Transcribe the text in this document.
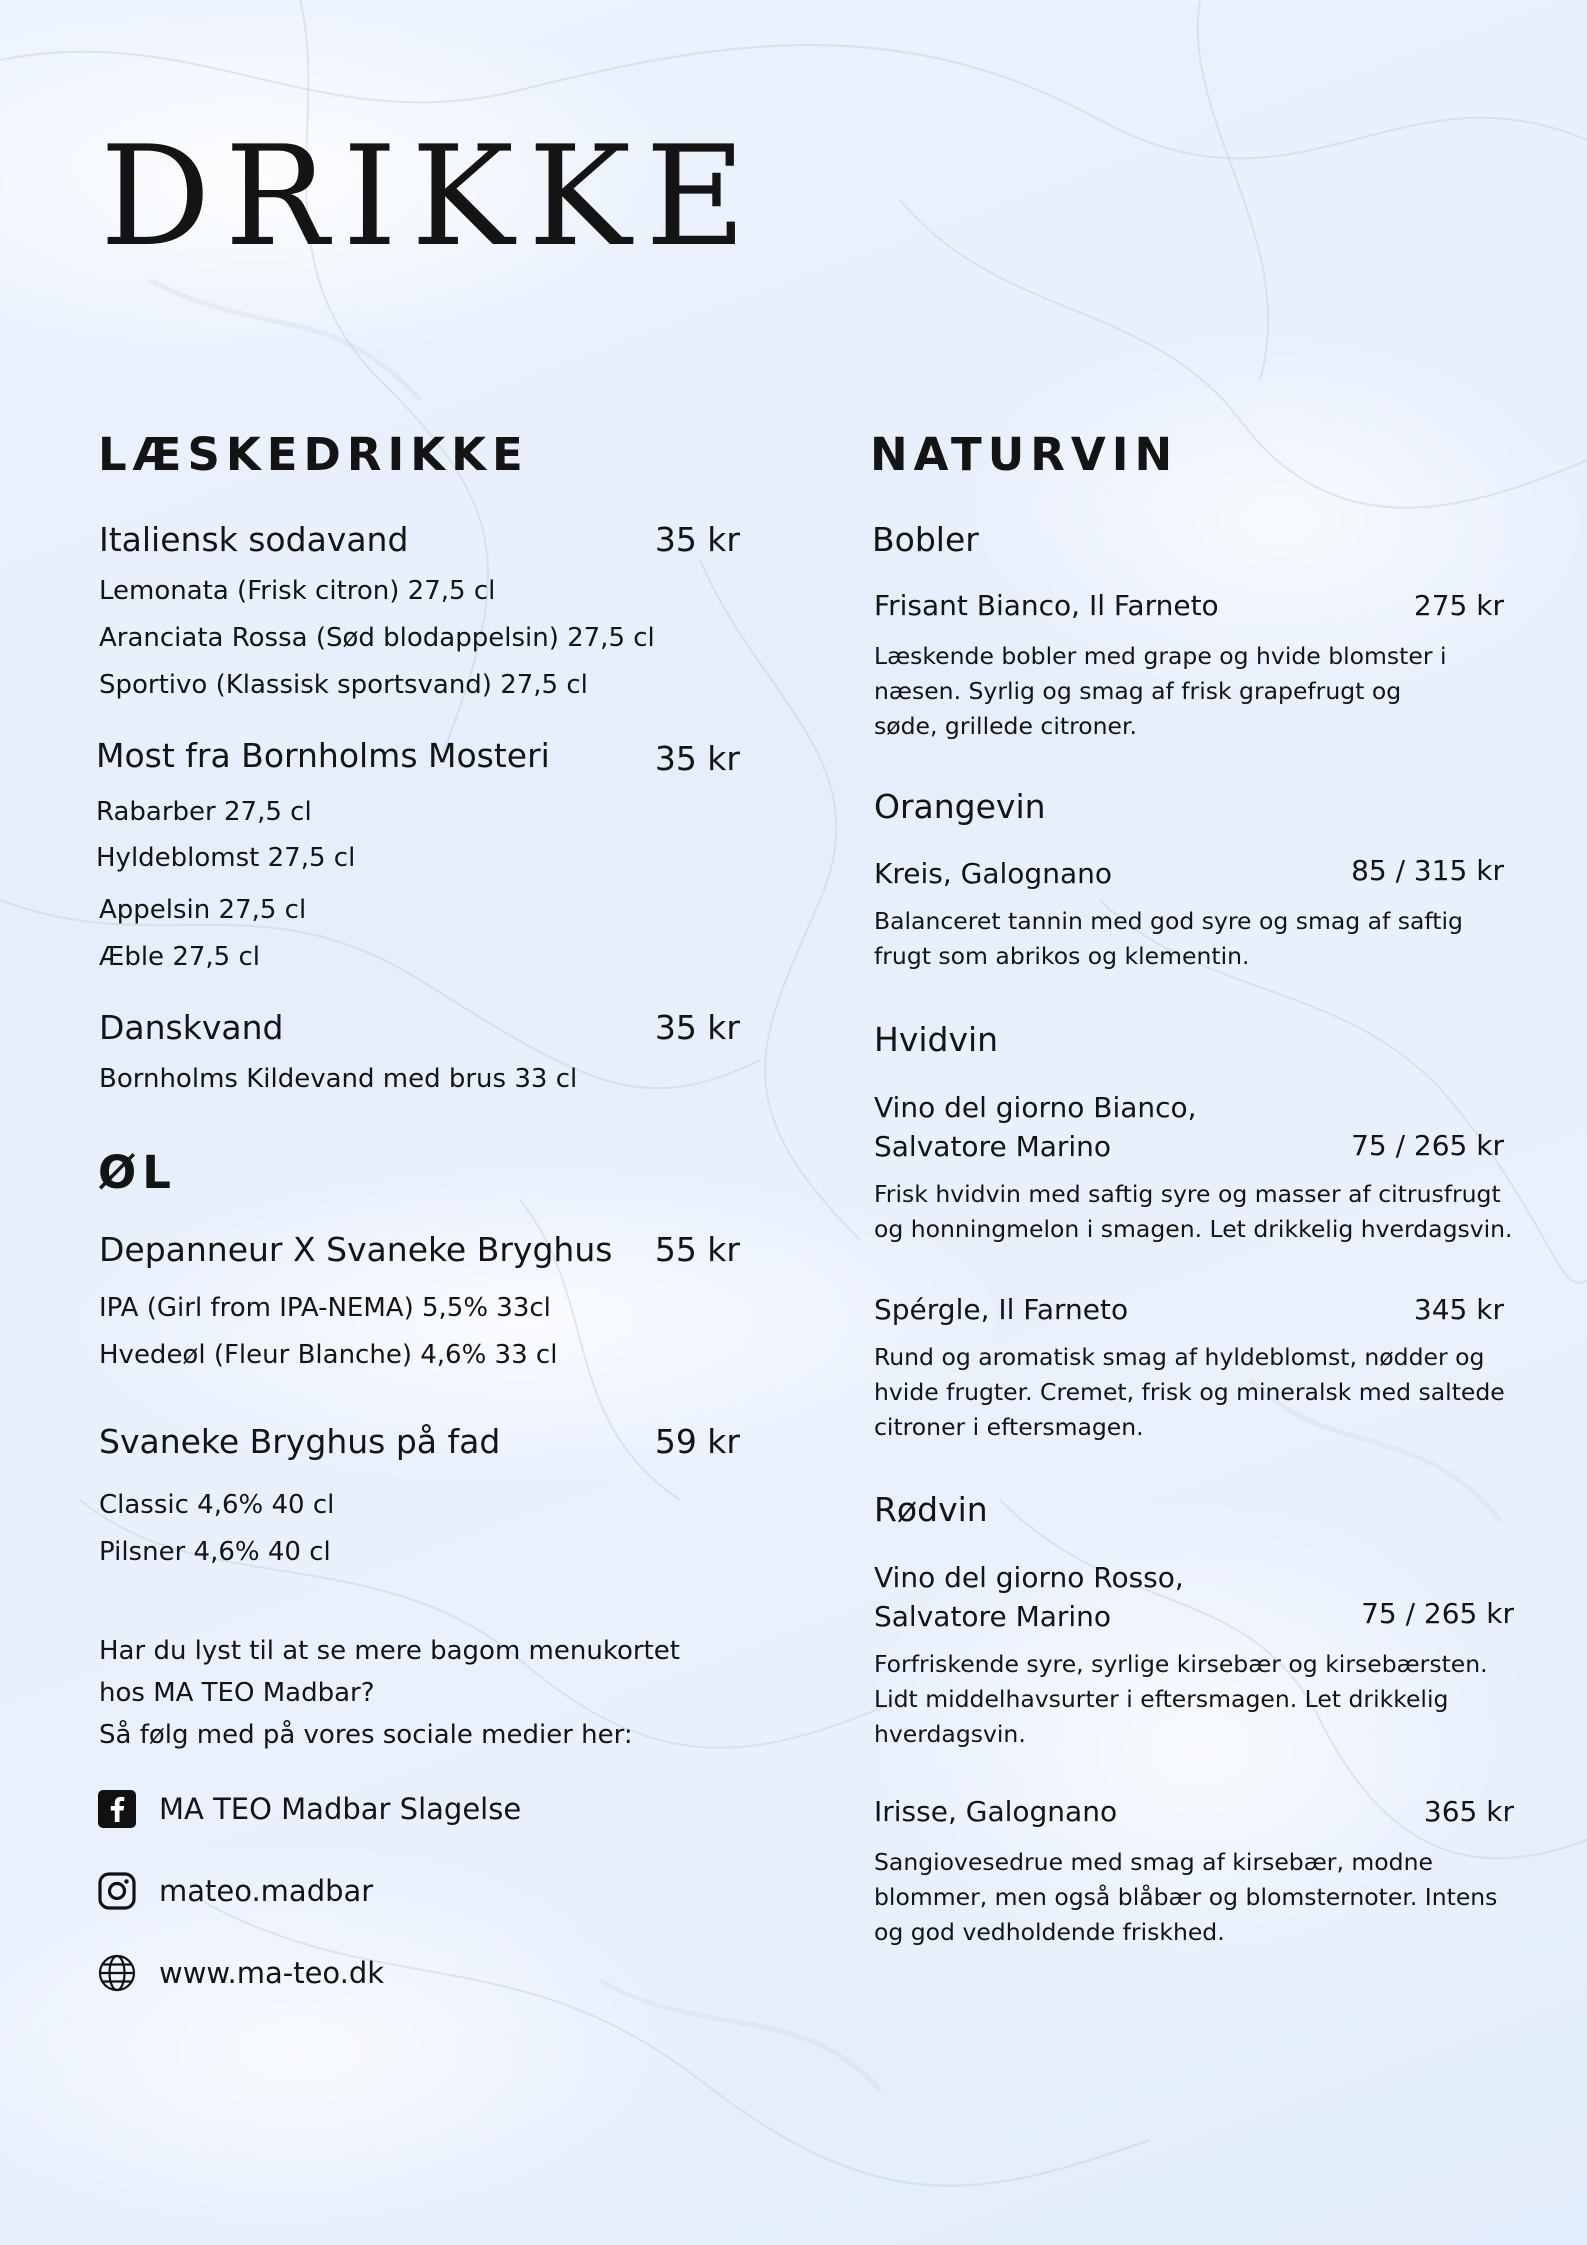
DRIKKE
LÆSKEDRIKKE
Italiensk sodavand	35 kr
Lemonata (Frisk citron) 27,5 cl
Aranciata Rossa (Sød blodappelsin) 27,5 cl
Sportivo (Klassisk sportsvand) 27,5 cl
Most fra Bornholms Mosteri	35 kr
Rabarber 27,5 cl
Hyldeblomst 27,5 cl
Appelsin 27,5 cl
Æble 27,5 cl
Danskvand	35 kr
Bornholms Kildevand med brus 33 cl
ØL
Depanneur X Svaneke Bryghus	55 kr
IPA (Girl from IPA-NEMA) 5,5% 33cl
Hvedeøl (Fleur Blanche) 4,6% 33 cl
Svaneke Bryghus på fad	59 kr
Classic 4,6% 40 cl
Pilsner 4,6% 40 cl
Har du lyst til at se mere bagom menukortet
hos MA TEO Madbar?
Så følg med på vores sociale medier her:
MA TEO Madbar Slagelse
mateo.madbar
www.ma-teo.dk
NATURVIN
Bobler
Frisant Bianco, Il Farneto	275 kr
Læskende bobler med grape og hvide blomster i
næsen. Syrlig og smag af frisk grapefrugt og
søde, grillede citroner.
Orangevin
Kreis, Galognano	85 / 315 kr
Balanceret tannin med god syre og smag af saftig
frugt som abrikos og klementin.
Hvidvin
Vino del giorno Bianco,
Salvatore Marino	75 / 265 kr
Frisk hvidvin med saftig syre og masser af citrusfrugt
og honningmelon i smagen. Let drikkelig hverdagsvin.
Spérgle, Il Farneto	345 kr
Rund og aromatisk smag af hyldeblomst, nødder og
hvide frugter. Cremet, frisk og mineralsk med saltede
citroner i eftersmagen.
Rødvin
Vino del giorno Rosso,
Salvatore Marino	75 / 265 kr
Forfriskende syre, syrlige kirsebær og kirsebærsten.
Lidt middelhavsurter i eftersmagen. Let drikkelig
hverdagsvin.
Irisse, Galognano	365 kr
Sangiovesedrue med smag af kirsebær, modne
blommer, men også blåbær og blomsternoter. Intens
og god vedholdende friskhed.
